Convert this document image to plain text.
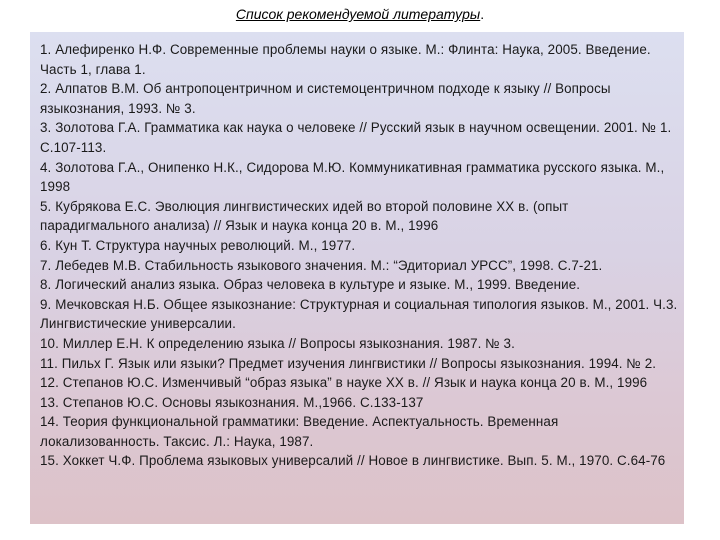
Список рекомендуемой литературы.
1. Алефиренко Н.Ф. Современные проблемы науки о языке. М.: Флинта: Наука, 2005. Введение. Часть 1, глава 1.
2. Алпатов В.М. Об антропоцентричном и системоцентричном подходе к языку // Вопросы языкознания, 1993. № 3.
3. Золотова Г.А. Грамматика как наука о человеке // Русский язык в научном освещении. 2001. № 1. С.107-113.
4. Золотова Г.А., Онипенко Н.К., Сидорова М.Ю. Коммуникативная грамматика русского языка. М., 1998
5. Кубрякова Е.С. Эволюция лингвистических идей во второй половине XX в. (опыт парадигмального анализа) // Язык и наука конца 20 в. М., 1996
6. Кун Т. Структура научных революций. М., 1977.
7. Лебедев М.В. Стабильность языкового значения. М.: “Эдиториал УРСС”, 1998. С.7-21.
8. Логический анализ языка. Образ человека в культуре и языке. М., 1999. Введение.
9. Мечковская Н.Б. Общее языкознание: Структурная и социальная типология языков. М., 2001. Ч.3. Лингвистические универсалии.
10. Миллер Е.Н. К определению языка // Вопросы языкознания. 1987. № 3.
11. Пильх Г. Язык или языки? Предмет изучения лингвистики // Вопросы языкознания. 1994. № 2.
12. Степанов Ю.С. Изменчивый “образ языка” в науке XX в. // Язык и наука конца 20 в. М., 1996
13. Степанов Ю.С. Основы языкознания. М.,1966. С.133-137
14. Теория функциональной грамматики: Введение. Аспектуальность. Временная локализованность. Таксис. Л.: Наука, 1987.
15. Хоккет Ч.Ф. Проблема языковых универсалий // Новое в лингвистике. Вып. 5. М., 1970. С.64-76
